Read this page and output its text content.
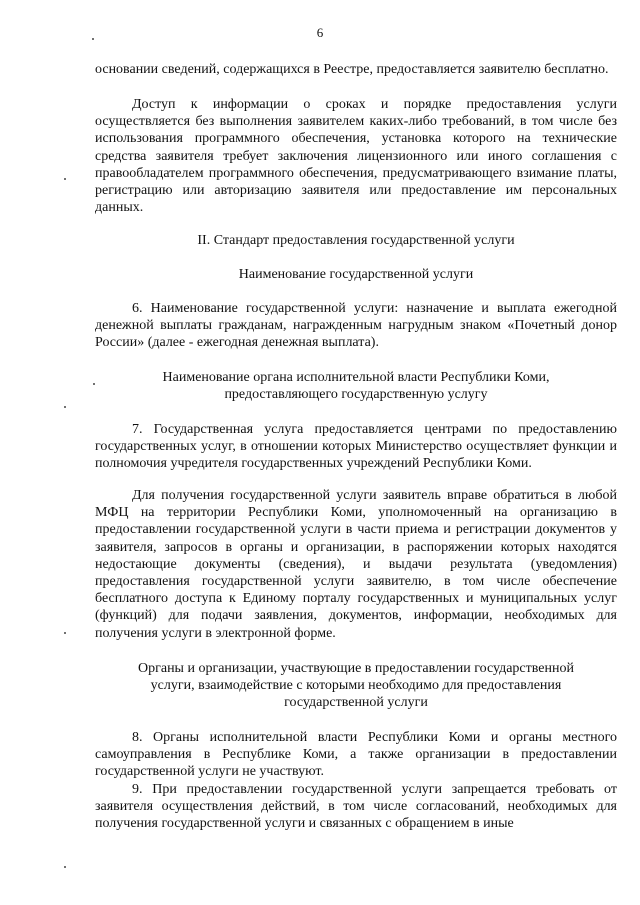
6

основании сведений, содержащихся в Реестре, предоставляется заявителю бесплатно.

Доступ к информации о сроках и порядке предоставления услуги осуществляется без выполнения заявителем каких-либо требований, в том числе без использования программного обеспечения, установка которого на технические средства заявителя требует заключения лицензионного или иного соглашения с правообладателем программного обеспечения, предусматривающего взимание платы, регистрацию или авторизацию заявителя или предоставление им персональных данных.

II. Стандарт предоставления государственной услуги

Наименование государственной услуги

6. Наименование государственной услуги: назначение и выплата ежегодной денежной выплаты гражданам, награжденным нагрудным знаком «Почетный донор России» (далее - ежегодная денежная выплата).

Наименование органа исполнительной власти Республики Коми,

предоставляющего государственную услугу

7. Государственная услуга предоставляется центрами по предоставлению государственных услуг, в отношении которых Министерство осуществляет функции и полномочия учредителя государственных учреждений Республики Коми.

Для получения государственной услуги заявитель вправе обратиться в любой МФЦ на территории Республики Коми, уполномоченный на организацию в предоставлении государственной услуги в части приема и регистрации документов у заявителя, запросов в органы и организации, в распоряжении которых находятся недостающие документы (сведения), и выдачи результата (уведомления) предоставления государственной услуги заявителю, в том числе обеспечение бесплатного доступа к Единому порталу государственных и муниципальных услуг (функций) для подачи заявления, документов, информации, необходимых для получения услуги в электронной форме.

Органы и организации, участвующие в предоставлении государственной

услуги, взаимодействие с которыми необходимо для предоставления

государственной услуги

8. Органы исполнительной власти Республики Коми и органы местного самоуправления в Республике Коми, а также организации в предоставлении государственной услуги не участвуют.

9. При предоставлении государственной услуги запрещается требовать от заявителя осуществления действий, в том числе согласований, необходимых для получения государственной услуги и связанных с обращением в иные
